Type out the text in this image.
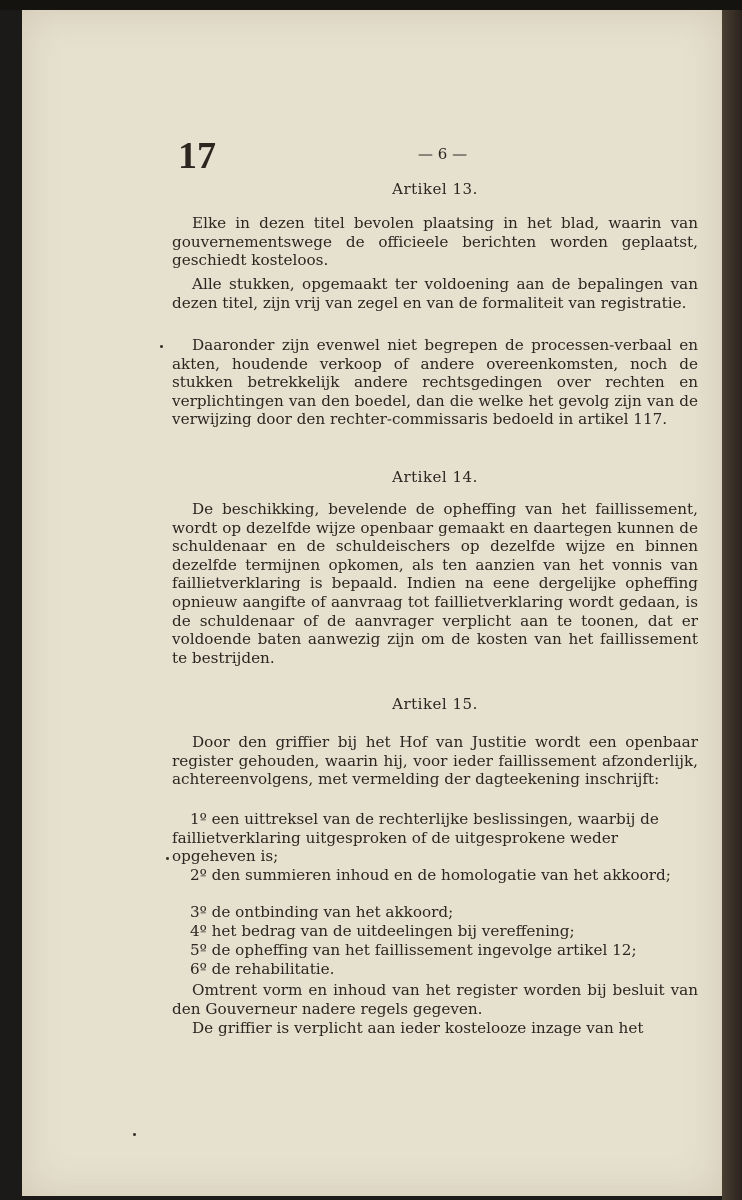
17	— 6 —
Artikel 13.

Elke in dezen titel bevolen plaatsing in het blad, waarin van gouvernementswege de officieele berichten worden geplaatst, geschiedt kosteloos.

Alle stukken, opgemaakt ter voldoening aan de bepalingen van dezen titel, zijn vrij van zegel en van de formaliteit van registratie.

Daaronder zijn evenwel niet begrepen de processen-verbaal en akten, houdende verkoop of andere overeenkomsten, noch de stukken betrekkelijk andere rechtsgedingen over rechten en verplichtingen van den boedel, dan die welke het gevolg zijn van de verwijzing door den rechter-commissaris bedoeld in artikel 117.

Artikel 14.

De beschikking, bevelende de opheffing van het faillissement, wordt op dezelfde wijze openbaar gemaakt en daartegen kunnen de schuldenaar en de schuldeischers op dezelfde wijze en binnen dezelfde termijnen opkomen, als ten aanzien van het vonnis van faillietverklaring is bepaald. Indien na eene dergelijke opheffing opnieuw aangifte of aanvraag tot faillietverklaring wordt gedaan, is de schuldenaar of de aanvrager verplicht aan te toonen, dat er voldoende baten aanwezig zijn om de kosten van het faillissement te bestrijden.

Artikel 15.

Door den griffier bij het Hof van Justitie wordt een openbaar register gehouden, waarin hij, voor ieder faillissement afzonderlijk, achtereenvolgens, met vermelding der dagteekening inschrijft:

1º een uittreksel van de rechterlijke beslissingen, waarbij de faillietverklaring uitgesproken of de uitgesprokene weder opgeheven is;

2º den summieren inhoud en de homologatie van het akkoord;

3º de ontbinding van het akkoord;

4º het bedrag van de uitdeelingen bij vereffening;

5º de opheffing van het faillissement ingevolge artikel 12;

6º de rehabilitatie.

Omtrent vorm en inhoud van het register worden bij besluit van den Gouverneur nadere regels gegeven.

De griffier is verplicht aan ieder kostelooze inzage van het
